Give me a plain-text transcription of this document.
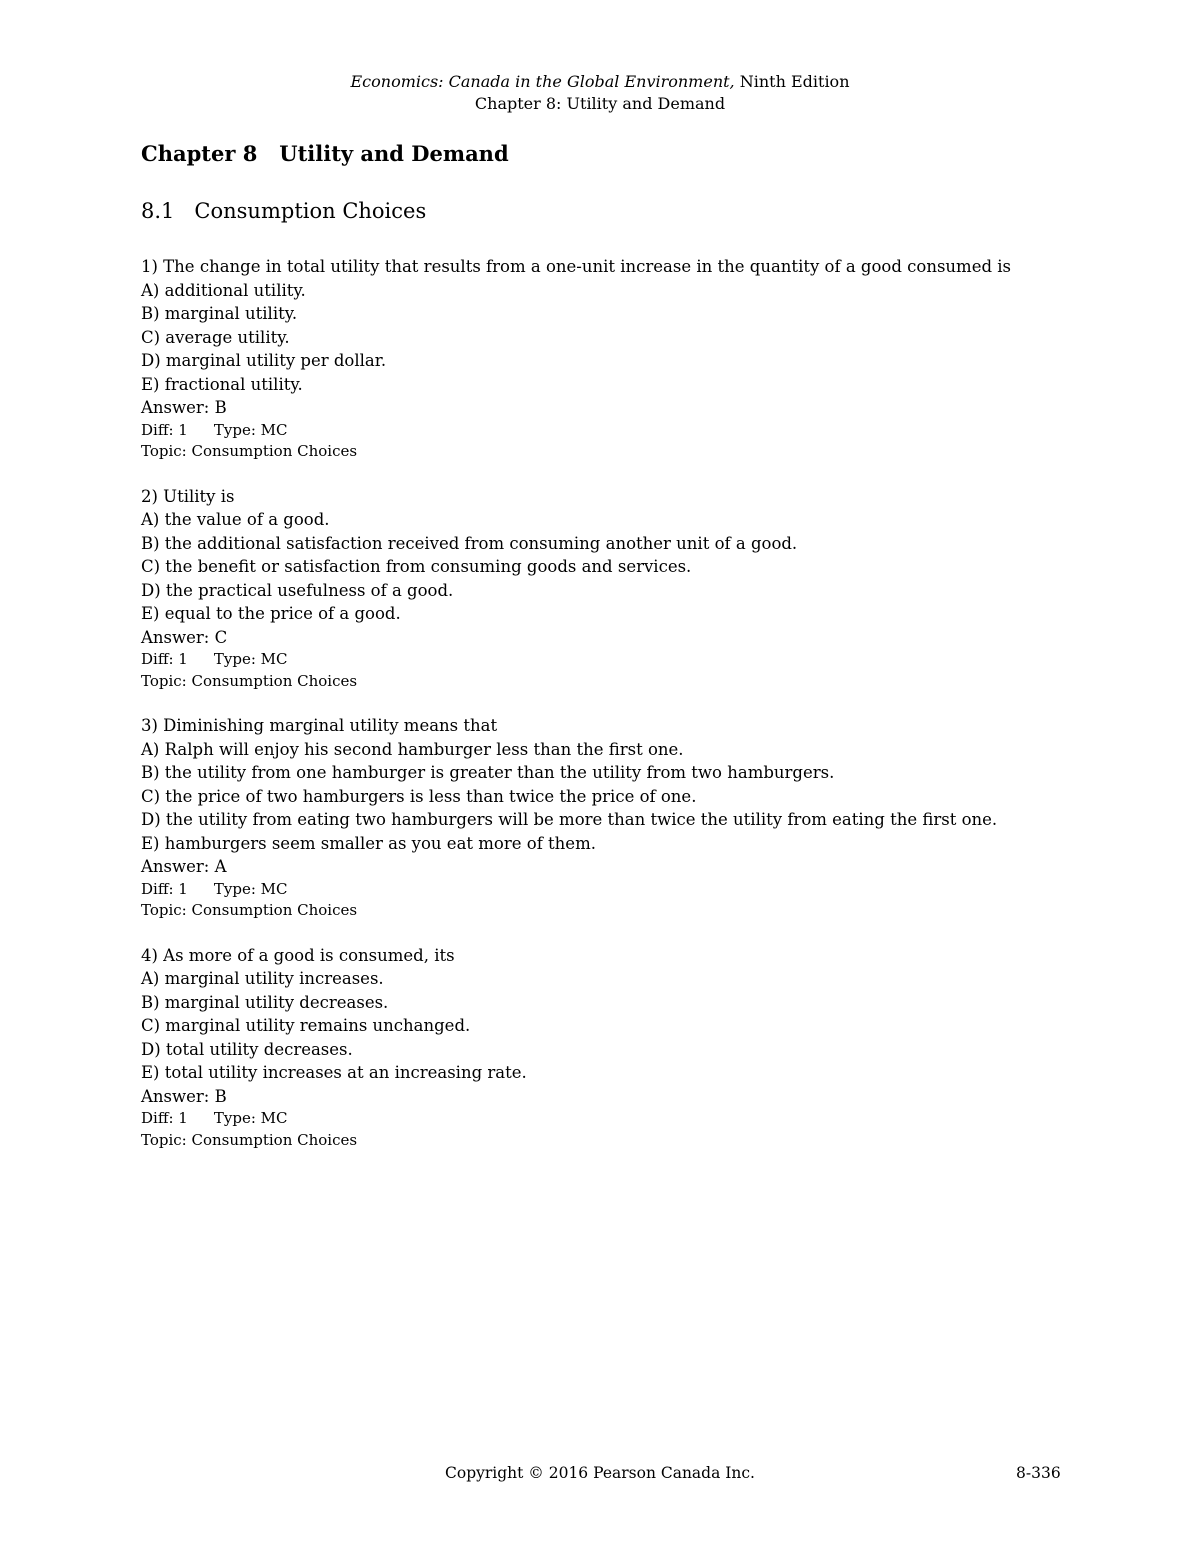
Economics: Canada in the Global Environment, Ninth Edition
Chapter 8: Utility and Demand
Chapter 8   Utility and Demand
8.1   Consumption Choices
1) The change in total utility that results from a one-unit increase in the quantity of a good consumed is
A) additional utility.
B) marginal utility.
C) average utility.
D) marginal utility per dollar.
E) fractional utility.
Answer: B
Diff: 1 Type: MC
Topic: Consumption Choices
2) Utility is
A) the value of a good.
B) the additional satisfaction received from consuming another unit of a good.
C) the benefit or satisfaction from consuming goods and services.
D) the practical usefulness of a good.
E) equal to the price of a good.
Answer: C
Diff: 1 Type: MC
Topic: Consumption Choices
3) Diminishing marginal utility means that
A) Ralph will enjoy his second hamburger less than the first one.
B) the utility from one hamburger is greater than the utility from two hamburgers.
C) the price of two hamburgers is less than twice the price of one.
D) the utility from eating two hamburgers will be more than twice the utility from eating the first one.
E) hamburgers seem smaller as you eat more of them.
Answer: A
Diff: 1 Type: MC
Topic: Consumption Choices
4) As more of a good is consumed, its
A) marginal utility increases.
B) marginal utility decreases.
C) marginal utility remains unchanged.
D) total utility decreases.
E) total utility increases at an increasing rate.
Answer: B
Diff: 1 Type: MC
Topic: Consumption Choices
Copyright © 2016 Pearson Canada Inc.	8-336
